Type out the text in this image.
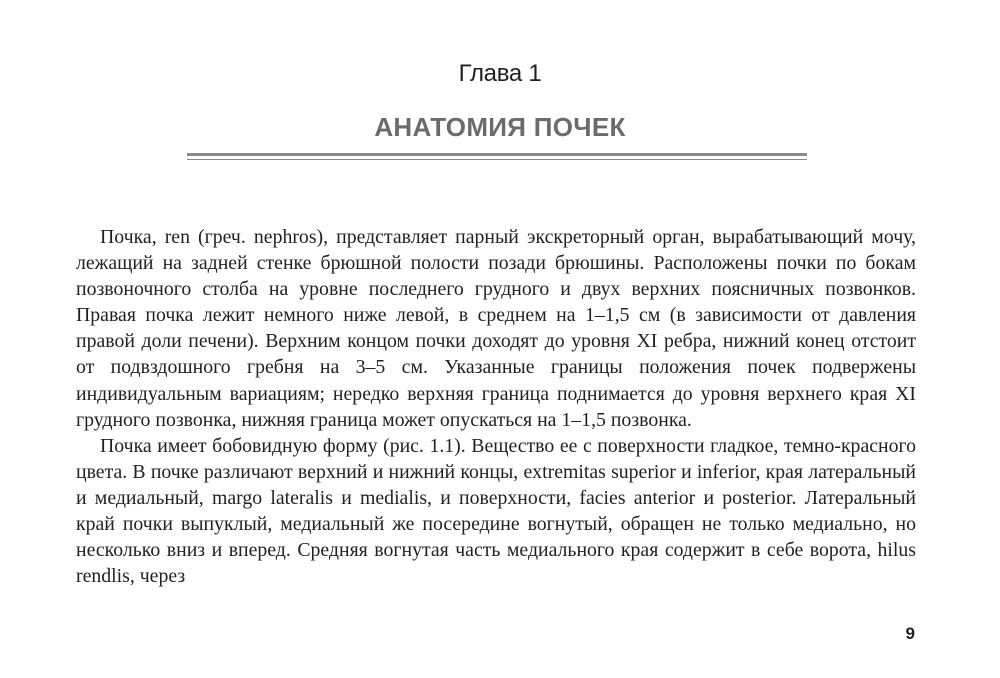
Глава 1
АНАТОМИЯ ПОЧЕК

Почка, ren (греч. nephros), представляет парный экскреторный орган, вырабатывающий мочу, лежащий на задней стенке брюшной полости позади брюшины. Расположены почки по бокам позвоночного столба на уровне последнего грудного и двух верхних поясничных позвонков. Правая почка лежит немного ниже левой, в среднем на 1–1,5 см (в зависимости от давления правой доли печени). Верхним концом почки доходят до уровня XI ребра, нижний конец отстоит от подвздошного гребня на 3–5 см. Указанные границы положения почек подвержены индивидуальным вариациям; нередко верхняя граница поднимается до уровня верхнего края XI грудного позвонка, нижняя граница может опускаться на 1–1,5 позвонка.

Почка имеет бобовидную форму (рис. 1.1). Вещество ее с поверхности гладкое, темно-красного цвета. В почке различают верхний и нижний концы, extremitas superior и inferior, края латеральный и медиальный, margo lateralis и medialis, и поверхности, facies anterior и posterior. Латеральный край почки выпуклый, медиальный же посередине вогнутый, обращен не только медиально, но несколько вниз и вперед. Средняя вогнутая часть медиального края содержит в себе ворота, hilus rendlis, через

9
